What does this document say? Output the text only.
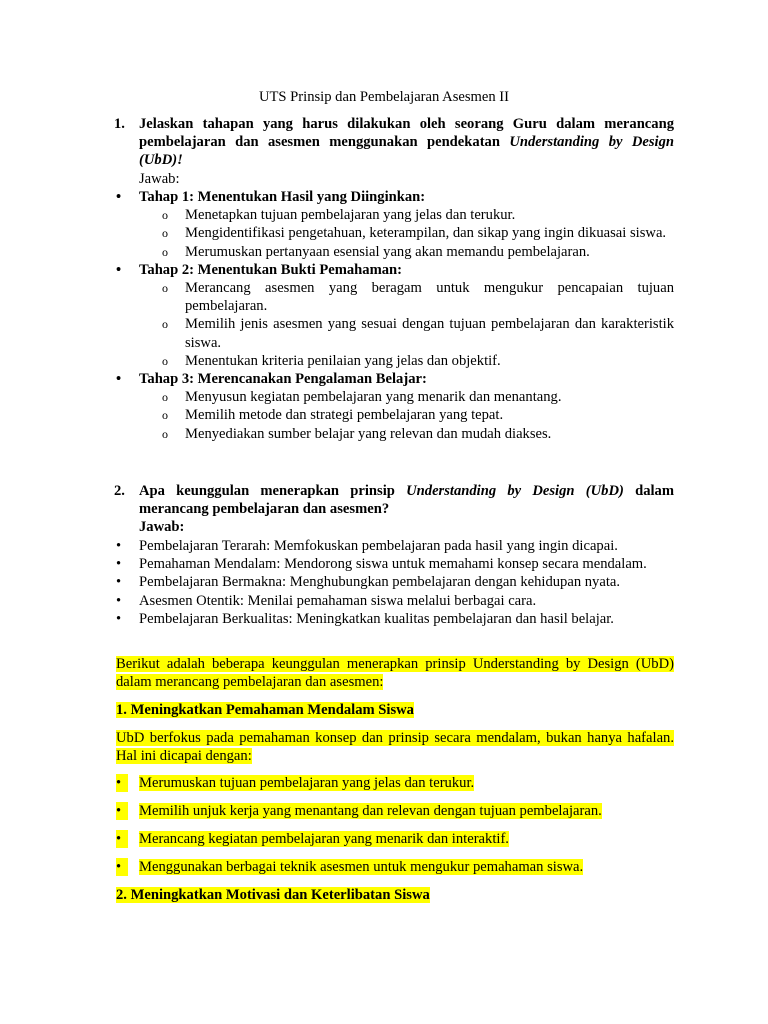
UTS Prinsip dan Pembelajaran Asesmen II
1. Jelaskan tahapan yang harus dilakukan oleh seorang Guru dalam merancang pembelajaran dan asesmen menggunakan pendekatan Understanding by Design (UbD)!
Jawab:
•	Tahap 1: Menentukan Hasil yang Diinginkan:
o Menetapkan tujuan pembelajaran yang jelas dan terukur.
o Mengidentifikasi pengetahuan, keterampilan, dan sikap yang ingin dikuasai siswa.
o Merumuskan pertanyaan esensial yang akan memandu pembelajaran.
•	Tahap 2: Menentukan Bukti Pemahaman:
o Merancang asesmen yang beragam untuk mengukur pencapaian tujuan pembelajaran.
o Memilih jenis asesmen yang sesuai dengan tujuan pembelajaran dan karakteristik siswa.
o Menentukan kriteria penilaian yang jelas dan objektif.
•	Tahap 3: Merencanakan Pengalaman Belajar:
o Menyusun kegiatan pembelajaran yang menarik dan menantang.
o Memilih metode dan strategi pembelajaran yang tepat.
o Menyediakan sumber belajar yang relevan dan mudah diakses.
2. Apa keunggulan menerapkan prinsip Understanding by Design (UbD) dalam merancang pembelajaran dan asesmen?
Jawab:
•	Pembelajaran Terarah: Memfokuskan pembelajaran pada hasil yang ingin dicapai.
•	Pemahaman Mendalam: Mendorong siswa untuk memahami konsep secara mendalam.
•	Pembelajaran Bermakna: Menghubungkan pembelajaran dengan kehidupan nyata.
•	Asesmen Otentik: Menilai pemahaman siswa melalui berbagai cara.
•	Pembelajaran Berkualitas: Meningkatkan kualitas pembelajaran dan hasil belajar.

Berikut adalah beberapa keunggulan menerapkan prinsip Understanding by Design (UbD) dalam merancang pembelajaran dan asesmen:

1. Meningkatkan Pemahaman Mendalam Siswa

UbD berfokus pada pemahaman konsep dan prinsip secara mendalam, bukan hanya hafalan. Hal ini dicapai dengan:

•	Merumuskan tujuan pembelajaran yang jelas dan terukur.
•	Memilih unjuk kerja yang menantang dan relevan dengan tujuan pembelajaran.
•	Merancang kegiatan pembelajaran yang menarik dan interaktif.
•	Menggunakan berbagai teknik asesmen untuk mengukur pemahaman siswa.
2. Meningkatkan Motivasi dan Keterlibatan Siswa
